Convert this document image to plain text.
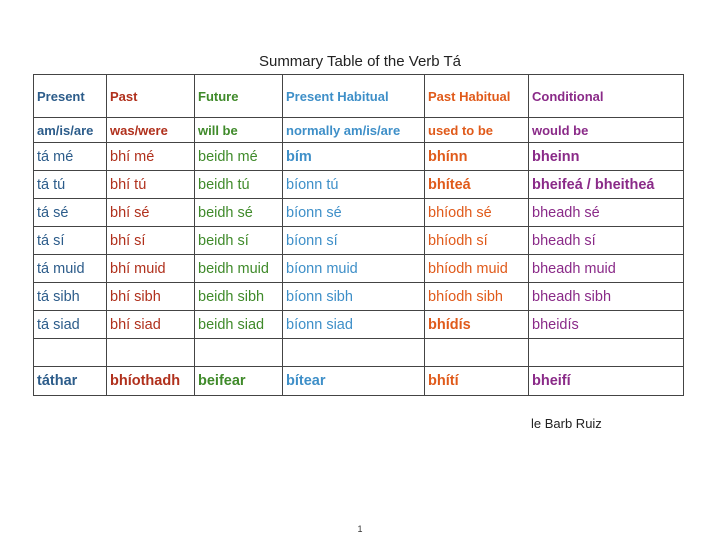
Summary Table of the Verb Tá
Present	Past	Future	Present Habitual	Past Habitual	Conditional
am/is/are	was/were	will be	normally am/is/are	used to be	would be
tá mé	bhí mé	beidh mé	bím	bhínn	bheinn
tá tú	bhí tú	beidh tú	bíonn tú	bhíteá	bheifeá / bheitheá
tá sé	bhí sé	beidh sé	bíonn sé	bhíodh sé	bheadh sé
tá sí	bhí sí	beidh sí	bíonn sí	bhíodh sí	bheadh sí
tá muid	bhí muid	beidh muid	bíonn muid	bhíodh muid	bheadh muid
tá sibh	bhí sibh	beidh sibh	bíonn sibh	bhíodh sibh	bheadh sibh
tá siad	bhí siad	beidh siad	bíonn siad	bhídís	bheidís

táthar	bhíothadh	beifear	bítear	bhítí	bheifí
le Barb Ruiz
1
